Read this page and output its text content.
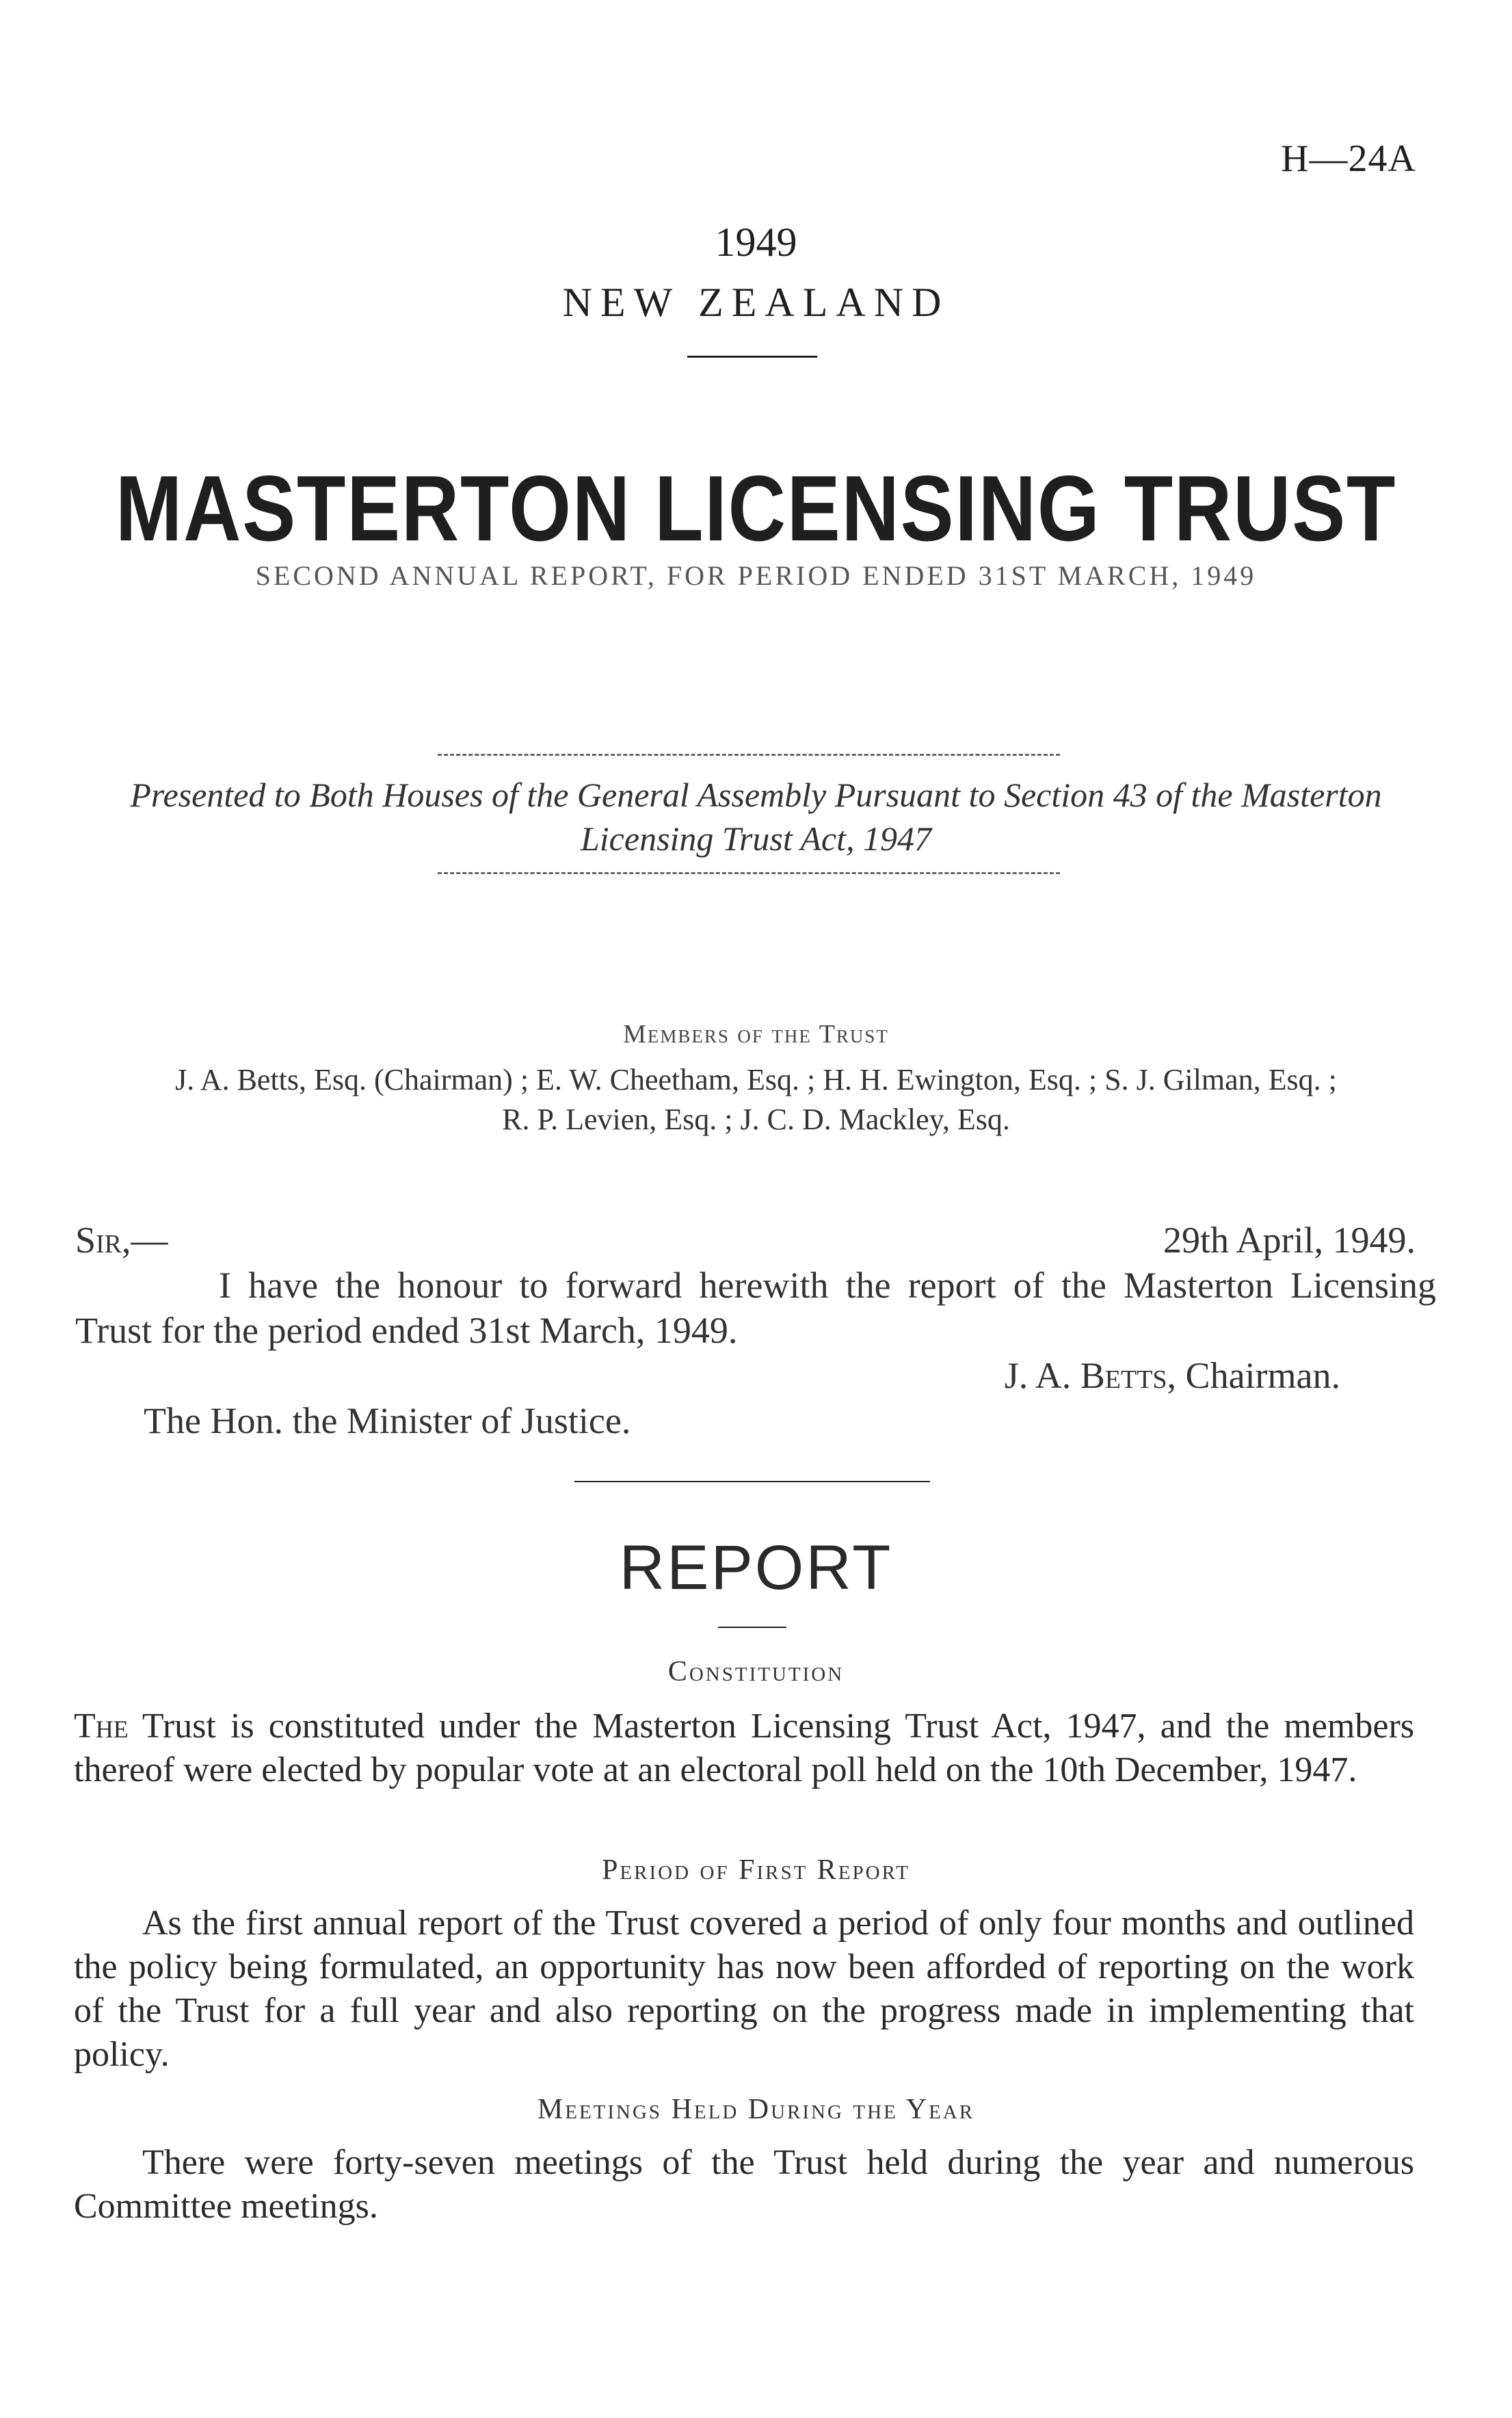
H—24A
1949
NEW ZEALAND
MASTERTON LICENSING TRUST
SECOND ANNUAL REPORT, FOR PERIOD ENDED 31ST MARCH, 1949
Presented to Both Houses of the General Assembly Pursuant to Section 43 of the Masterton
Licensing Trust Act, 1947
Members of the Trust
J. A. Betts, Esq. (Chairman) ; E. W. Cheetham, Esq. ; H. H. Ewington, Esq. ; S. J. Gilman, Esq. ;
R. P. Levien, Esq. ; J. C. D. Mackley, Esq.
Sir,—	29th April, 1949.
I have the honour to forward herewith the report of the Masterton Licensing
Trust for the period ended 31st March, 1949.
J. A. Betts, Chairman.
The Hon. the Minister of Justice.
REPORT
Constitution
The Trust is constituted under the Masterton Licensing Trust Act, 1947, and the members thereof were elected by popular vote at an electoral poll held on the 10th December, 1947.
Period of First Report
As the first annual report of the Trust covered a period of only four months and outlined the policy being formulated, an opportunity has now been afforded of reporting on the work of the Trust for a full year and also reporting on the progress made in implementing that policy.
Meetings Held During the Year
There were forty-seven meetings of the Trust held during the year and numerous Committee meetings.
